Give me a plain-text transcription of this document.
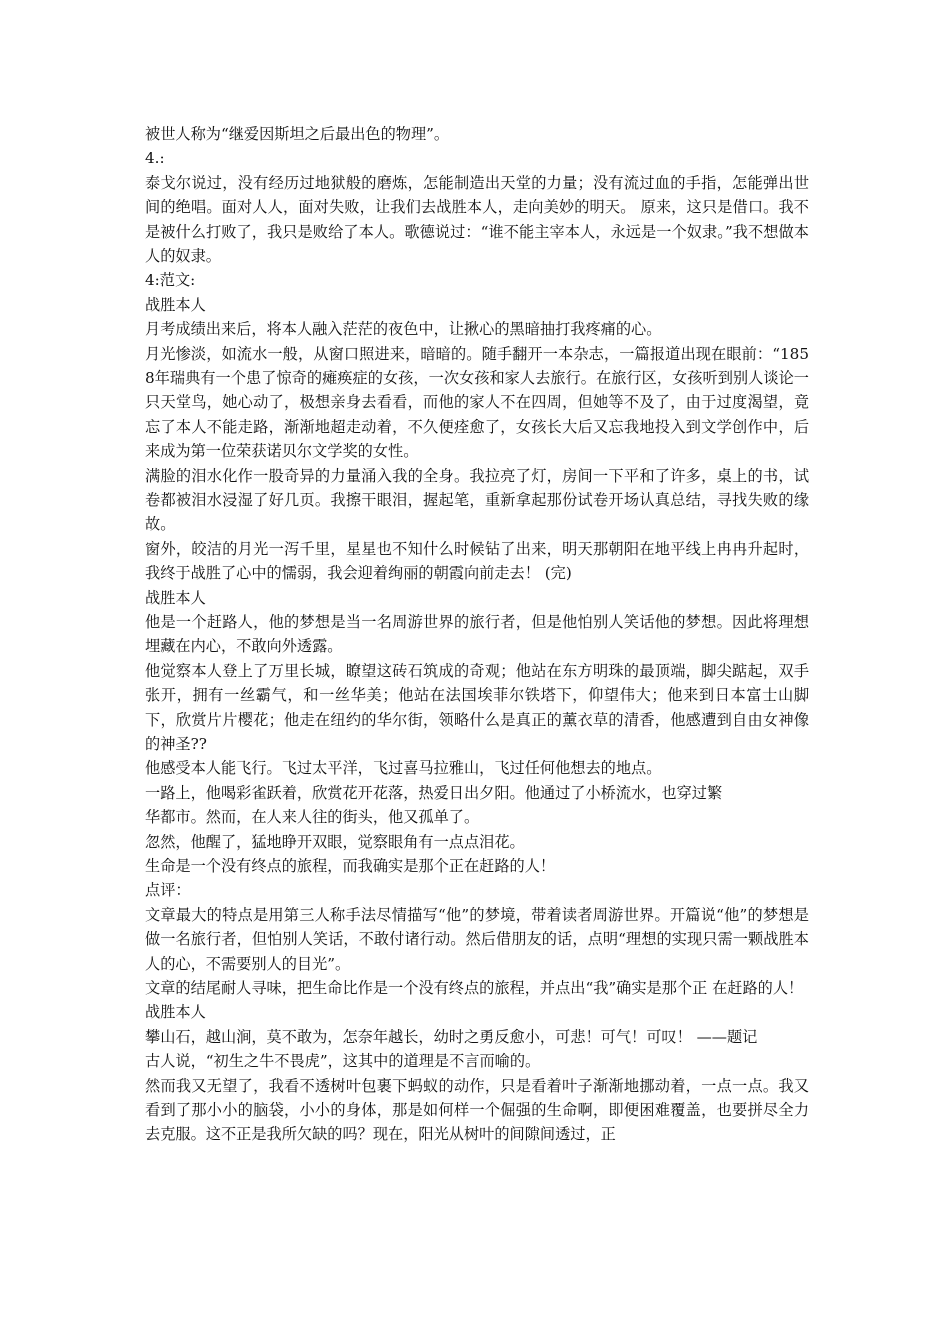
被世人称为“继爱因斯坦之后最出色的物理”。
4.:

泰戈尔说过，没有经历过地狱般的磨炼，怎能制造出天堂的力量；没有流过血的手指，怎能弹出世间的绝唱。面对人人，面对失败，让我们去战胜本人，走向美妙的明天。 原来，这只是借口。我不是被什么打败了，我只是败给了本人。歌德说过：“谁不能主宰本人，永远是一个奴隶。”我不想做本人的奴隶。

4:范文:
战胜本人
月考成绩出来后，将本人融入茫茫的夜色中，让揪心的黑暗抽打我疼痛的心。

月光惨淡，如流水一般，从窗口照进来，暗暗的。随手翻开一本杂志，一篇报道出现在眼前：“1858年瑞典有一个患了惊奇的瘫痪症的女孩，一次女孩和家人去旅行。在旅行区，女孩听到别人谈论一只天堂鸟，她心动了，极想亲身去看看，而他的家人不在四周，但她等不及了，由于过度渴望，竟忘了本人不能走路，渐渐地超走动着，不久便痊愈了，女孩长大后又忘我地投入到文学创作中，后来成为第一位荣获诺贝尔文学奖的女性。

满脸的泪水化作一股奇异的力量涌入我的全身。我拉亮了灯，房间一下平和了许多，桌上的书，试卷都被泪水浸湿了好几页。我擦干眼泪，握起笔，重新拿起那份试卷开场认真总结，寻找失败的缘故。

窗外，皎洁的月光一泻千里，星星也不知什么时候钻了出来，明天那朝阳在地平线上冉冉升起时，我终于战胜了心中的懦弱，我会迎着绚丽的朝霞向前走去！ (完)

战胜本人

他是一个赶路人，他的梦想是当一名周游世界的旅行者，但是他怕别人笑话他的梦想。因此将理想埋藏在内心，不敢向外透露。

他觉察本人登上了万里长城，瞭望这砖石筑成的奇观；他站在东方明珠的最顶端，脚尖踮起，双手张开，拥有一丝霸气，和一丝华美；他站在法国埃菲尔铁塔下，仰望伟大；他来到日本富士山脚下，欣赏片片樱花；他走在纽约的华尔街，领略什么是真正的薰衣草的清香，他感遭到自由女神像的神圣??

他感受本人能飞行。飞过太平洋，飞过喜马拉雅山，飞过任何他想去的地点。
一路上，他喝彩雀跃着，欣赏花开花落，热爱日出夕阳。他通过了小桥流水，也穿过繁
华都市。然而，在人来人往的街头，他又孤单了。
忽然，他醒了，猛地睁开双眼，觉察眼角有一点点泪花。
生命是一个没有终点的旅程，而我确实是那个正在赶路的人！
点评：

文章最大的特点是用第三人称手法尽情描写“他”的梦境，带着读者周游世界。开篇说“他”的梦想是做一名旅行者，但怕别人笑话，不敢付诸行动。然后借朋友的话，点明“理想的实现只需一颗战胜本人的心，不需要别人的目光”。

文章的结尾耐人寻味，把生命比作是一个没有终点的旅程，并点出“我”确实是那个正 在赶路的人！

战胜本人

攀山石，越山涧，莫不敢为，怎奈年越长，幼时之勇反愈小，可悲！可气！可叹！ ——题记

古人说，“初生之牛不畏虎”，这其中的道理是不言而喻的。

然而我又无望了，我看不透树叶包裹下蚂蚁的动作，只是看着叶子渐渐地挪动着，一点一点。我又看到了那小小的脑袋，小小的身体，那是如何样一个倔强的生命啊，即便困难覆盖，也要拼尽全力去克服。这不正是我所欠缺的吗？现在，阳光从树叶的间隙间透过，正
